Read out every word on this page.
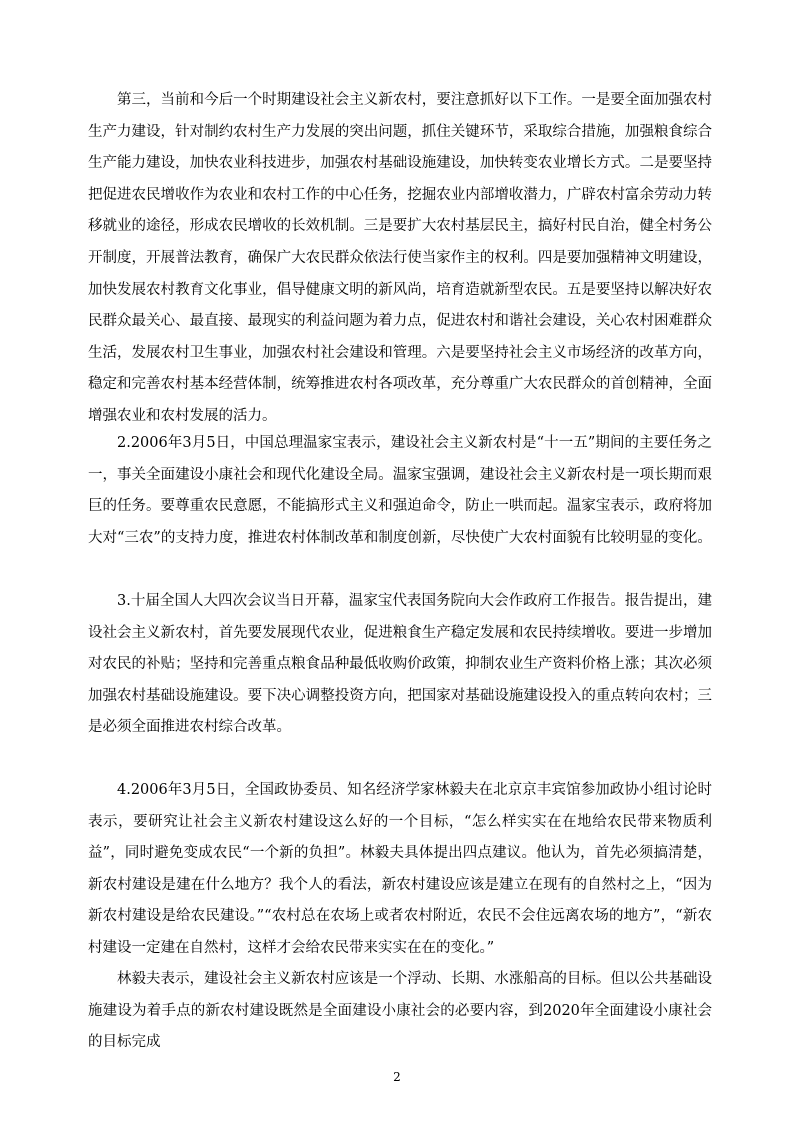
第三，当前和今后一个时期建设社会主义新农村，要注意抓好以下工作。一是要全面加强农村生产力建设，针对制约农村生产力发展的突出问题，抓住关键环节，采取综合措施，加强粮食综合生产能力建设，加快农业科技进步，加强农村基础设施建设，加快转变农业增长方式。二是要坚持把促进农民增收作为农业和农村工作的中心任务，挖掘农业内部增收潜力，广辟农村富余劳动力转移就业的途径，形成农民增收的长效机制。三是要扩大农村基层民主，搞好村民自治，健全村务公开制度，开展普法教育，确保广大农民群众依法行使当家作主的权利。四是要加强精神文明建设，加快发展农村教育文化事业，倡导健康文明的新风尚，培育造就新型农民。五是要坚持以解决好农民群众最关心、最直接、最现实的利益问题为着力点，促进农村和谐社会建设，关心农村困难群众生活，发展农村卫生事业，加强农村社会建设和管理。六是要坚持社会主义市场经济的改革方向，稳定和完善农村基本经营体制，统筹推进农村各项改革，充分尊重广大农民群众的首创精神，全面增强农业和农村发展的活力。

2.2006年3月5日，中国总理温家宝表示，建设社会主义新农村是“十一五”期间的主要任务之一，事关全面建设小康社会和现代化建设全局。温家宝强调，建设社会主义新农村是一项长期而艰巨的任务。要尊重农民意愿，不能搞形式主义和强迫命令，防止一哄而起。温家宝表示，政府将加大对“三农”的支持力度，推进农村体制改革和制度创新，尽快使广大农村面貌有比较明显的变化。

3.十届全国人大四次会议当日开幕，温家宝代表国务院向大会作政府工作报告。报告提出，建设社会主义新农村，首先要发展现代农业，促进粮食生产稳定发展和农民持续增收。要进一步增加对农民的补贴；坚持和完善重点粮食品种最低收购价政策，抑制农业生产资料价格上涨；其次必须加强农村基础设施建设。要下决心调整投资方向，把国家对基础设施建设投入的重点转向农村；三是必须全面推进农村综合改革。

4.2006年3月5日，全国政协委员、知名经济学家林毅夫在北京京丰宾馆参加政协小组讨论时表示，要研究让社会主义新农村建设这么好的一个目标，“怎么样实实在在地给农民带来物质利益”，同时避免变成农民“一个新的负担”。林毅夫具体提出四点建议。他认为，首先必须搞清楚，新农村建设是建在什么地方？我个人的看法，新农村建设应该是建立在现有的自然村之上，“因为新农村建设是给农民建设。”“农村总在农场上或者农村附近，农民不会住远离农场的地方”，“新农村建设一定建在自然村，这样才会给农民带来实实在在的变化。”

林毅夫表示，建设社会主义新农村应该是一个浮动、长期、水涨船高的目标。但以公共基础设施建设为着手点的新农村建设既然是全面建设小康社会的必要内容，到2020年全面建设小康社会的目标完成

2
